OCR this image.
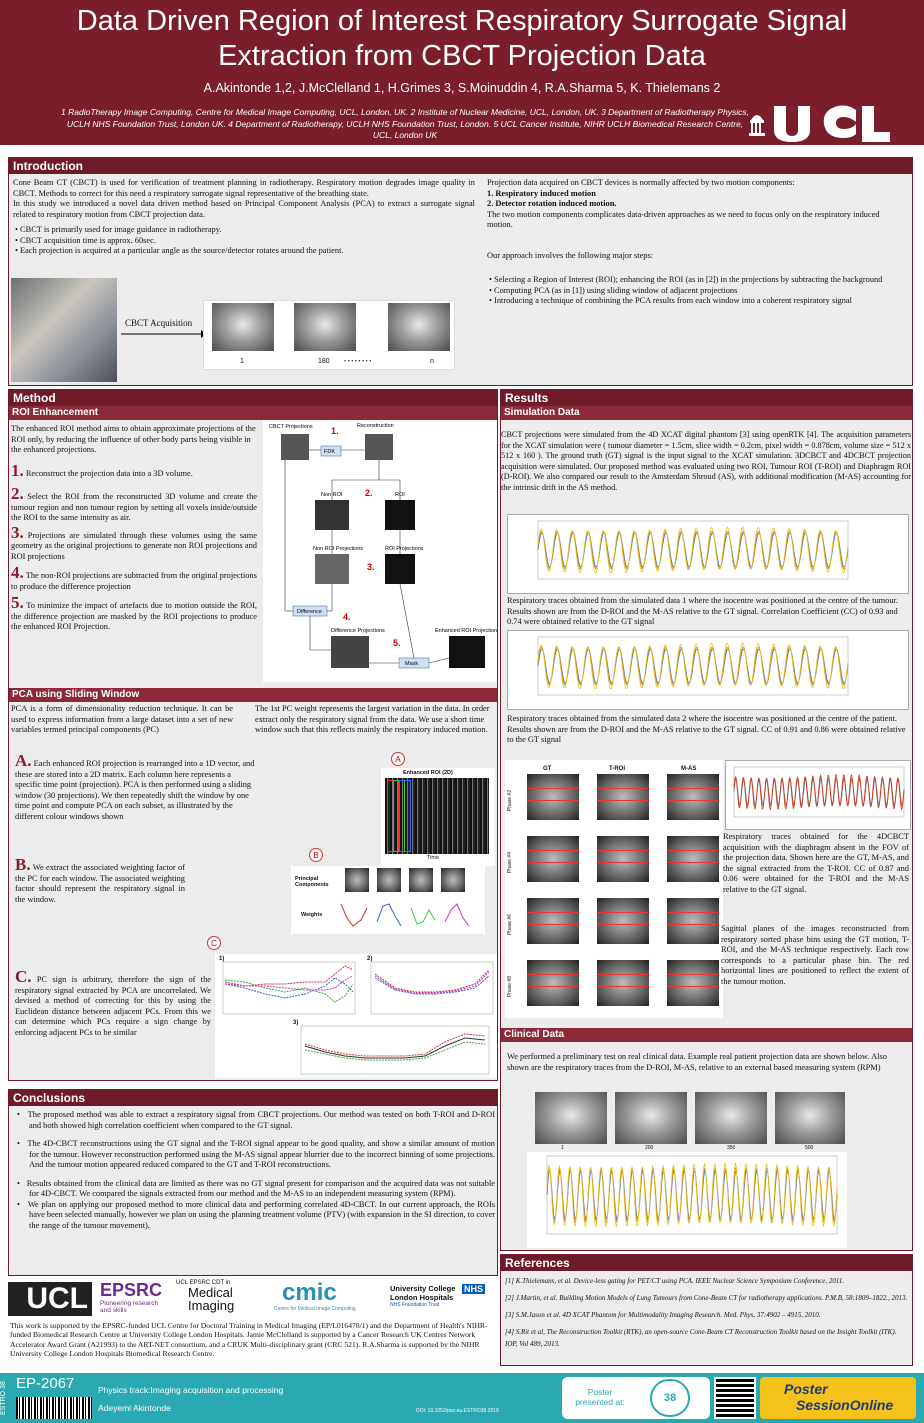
Data Driven Region of Interest Respiratory Surrogate Signal
Extraction from CBCT Projection Data
A.Akintonde 1,2, J.McClelland 1, H.Grimes 3, S.Moinuddin 4, R.A.Sharma 5, K. Thielemans 2
1 RadioTherapy Image Computing, Centre for Medical Image Computing, UCL, London, UK. 2 Institute of Nuclear Medicine, UCL, London, UK. 3 Department of Radiotherapy Physics, UCLH NHS Foundation Trust, London UK. 4 Department of Radiotherapy, UCLH NHS Foundation Trust, London. 5 UCL Cancer Institute, NIHR UCLH Biomedical Research Centre, UCL, London UK
Introduction
Cone Beam CT (CBCT) is used for verification of treatment planning in radiotherapy. Respiratory motion degrades image quality in CBCT. Methods to correct for this need a respiratory surrogate signal representative of the breathing state.
In this study we introduced a novel data driven method based on Principal Component Analysis (PCA) to extract a surrogate signal related to respiratory motion from CBCT projection data.
• CBCT is primarily used for image guidance in radiotherapy.
• CBCT acquisition time is approx. 60sec.
• Each projection is acquired at a particular angle as the source/detector rotates around the patient.
CBCT Acquisition
1	180 • • • • • • • •	n
Projection data acquired on CBCT devices is normally affected by two motion components:
1. Respiratory induced motion
2. Detector rotation induced motion.
The two motion components complicates data-driven approaches as we need to focus only on the respiratory induced motion.
Our approach involves the following major steps:
• Selecting a Region of Interest (ROI); enhancing the ROI (as in [2]) in the projections by subtracting the background
• Computing PCA (as in [1]) using sliding window of adjacent projections
• Introducing a technique of combining the PCA results from each window into a coherent respiratory signal
Method
ROI Enhancement
The enhanced ROI method aims to obtain approximate projections of the ROI only, by reducing the influence of other body parts being visible in the enhanced projections.
1. Reconstruct the projection data into a 3D volume.
2. Select the ROI from the reconstructed 3D volume and create the tumour region and non tumour region by setting all voxels inside/outside the ROI to the same intensity as air.
3. Projections are simulated through these volumes using the same geometry as the original projections to generate non ROI projections and ROI projections
4. The non-ROI projections are subtracted from the original projections to produce the difference projection
5. To minimize the impact of artefacts due to motion outside the ROI, the difference projection are masked by the ROI projections to produce the enhanced ROI Projection.
CBCT Projections	Reconstruction
1.
FDK
Non ROI	ROI
2.
Non ROI Projections	ROI Projections
3.
Difference 4.
Difference Projections
5.
Mask
Enhanced ROI Projections
PCA using Sliding Window
PCA is a form of dimensionality reduction technique. It can be used to express information from a large dataset into a set of new variables termed principal components (PC)
The 1st PC weight represents the largest variation in the data. In order extract only the respiratory signal from the data. We use a short time window such that this reflects mainly the respiratory induced motion.
A. Each enhanced ROI projection is rearranged into a 1D vector, and these are stored into a 2D matrix. Each column here represents a specific time point (projection). PCA is then performed using a sliding window (30 projections). We then repeatedly shift the window by one time point and compute PCA on each subset, as illustrated by the different colour windows shown
B. We extract the associated weighting factor of the PC for each window. The associated weighting factor should represent the respiratory signal in the window.
C. PC sign is arbitrary, therefore the sign of the respiratory signal extracted by PCA are uncorrelated. We devised a method of correcting for this by using the Euclidean distance between adjacent PCs. From this we can determine which PCs require a sign change by enforcing adjacent PCs to be similar
A
B
C
Enhanced ROI (2D)
Time
Principal Components
Weights
1)	2)
3)
Results
Simulation Data
CBCT projections were simulated from the 4D XCAT digital phantom [3] using openRTK [4]. The acquisition parameters for the XCAT simulation were ( tumour diameter = 1.5cm, slice width = 0.2cm, pixel width = 0.878cm, volume size = 512 x 512 x 160 ). The ground truth (GT) signal is the input signal to the XCAT simulation. 3DCBCT and 4DCBCT projection acquisition were simulated. Our proposed method was evaluated using two ROI, Tumour ROI (T-ROI) and Diaphragm ROI (D-ROI). We also compared our result to the Amsterdam Shroud (AS), with additional modification (M-AS) accounting for the intrinsic drift in the AS method.
Respiratory traces obtained from the simulated data 1 where the isocentre was positioned at the centre of the tumour. Results shown are from the D-ROI and the M-AS relative to the GT signal. Correlation Coefficient (CC) of 0.93 and 0.74 were obtained relative to the GT signal
Respiratory traces obtained from the simulated data 2 where the isocentre was positioned at the centre of the patient. Results shown are from the D-ROI and the M-AS relative to the GT signal. CC of 0.91 and 0.86 were obtained relative to the GT signal
GT	T-ROI	M-AS
Phase #2
Phase #4
Phase #6
Phase #8
Respiratory traces obtained for the 4DCBCT acquisition with the diaphragm absent in the FOV of the projection data. Shown here are the GT, M-AS, and the signal extracted from the T-ROI. CC of 0.87 and 0.06 were obtained for the T-ROI and the M-AS relative to the GT signal.
Sagittal planes of the images reconstructed from respiratory sorted phase bins using the GT motion, T-ROI, and the M-AS technique respectively. Each row corresponds to a particular phase bin. The red horizontal lines are positioned to reflect the extent of the tumour motion.
Clinical Data
We performed a preliminary test on real clinical data. Example real patient projection data are shown below. Also shown are the respiratory traces from the D-ROI, M-AS, relative to an external based measuring system (RPM)
1	200	350	500
Conclusions
•   The proposed method was able to extract a respiratory signal from CBCT projections. Our method was tested on both T-ROI and D-ROI and both showed high correlation coefficient when compared to the GT signal.
•   The 4D-CBCT reconstructions using the GT signal and the T-ROI signal appear to be good quality, and show a similar amount of motion for the tumour. However reconstruction performed using the M-AS signal appear blurrier due to the incorrect binning of some projections. And the tumour motion appeared reduced compared to the GT and T-ROI reconstructions.
•   Results obtained from the clinical data are limited as there was no GT signal present for comparison and the acquired data was not suitable for 4D-CBCT. We compared the signals extracted from our method and the M-AS to an independent measuring system (RPM).
•   We plan on applying our proposed method to more clinical data and performing correlated 4D-CBCT. In our current approach, the ROIs have been selected manually, however we plan on using the planning treatment volume (PTV) (with expansion in the SI direction, to cover the range of the tumour movement).
UCL EPSRC
Pioneering research and skills
UCL EPSRC CDT in
Medical
Imaging	cmic
Centre for Medical Image Computing
University College London Hospitals
NHS
NHS Foundation Trust
This work is supported by the EPSRC-funded UCL Centre for Doctoral Training in Medical Imaging (EP/L016478/1) and the Department of Health's NIHR-funded Biomedical Research Centre at University College London Hospitals. Jamie McClelland is supported by a Cancer Research UK Centres Network Accelerator Award Grant (A21993) to the ART-NET consortium, and a CRUK Multi-disciplinary grant (CRC 521). R.A.Sharma is supported by the NIHR University College London Hospitals Biomedical Research Centre.
References
[1] K.Thielemans, et al. Device-less gating for PET/CT using PCA. IEEE Nuclear Science Symposium Conference, 2011.
[2] J.Martin, et al. Building Motion Models of Lung Tumours from Cone-Beam CT for radiotherapy applications. P.M.B, 58:1809–1822., 2013.
[3] S.M.Jason et al. 4D XCAT Phantom for Multimodality Imaging Research. Med. Phys, 37:4902 – 4915, 2010.
[4] S.Rit et al, The Reconstruction Toolkit (RTK), an open-source Cone-Beam CT Reconstruction Toolkit based on the Insight Toolkit (ITK). IOP, Vol 489, 2013.
ESTRO 38 EP-2067	Physics track:Imaging acquisition and processing
Adeyemi Akintonde	DOI: 10.3252/pso.eu.ESTRO38.2019
Poster presented at:	38
Poster
SessionOnline
